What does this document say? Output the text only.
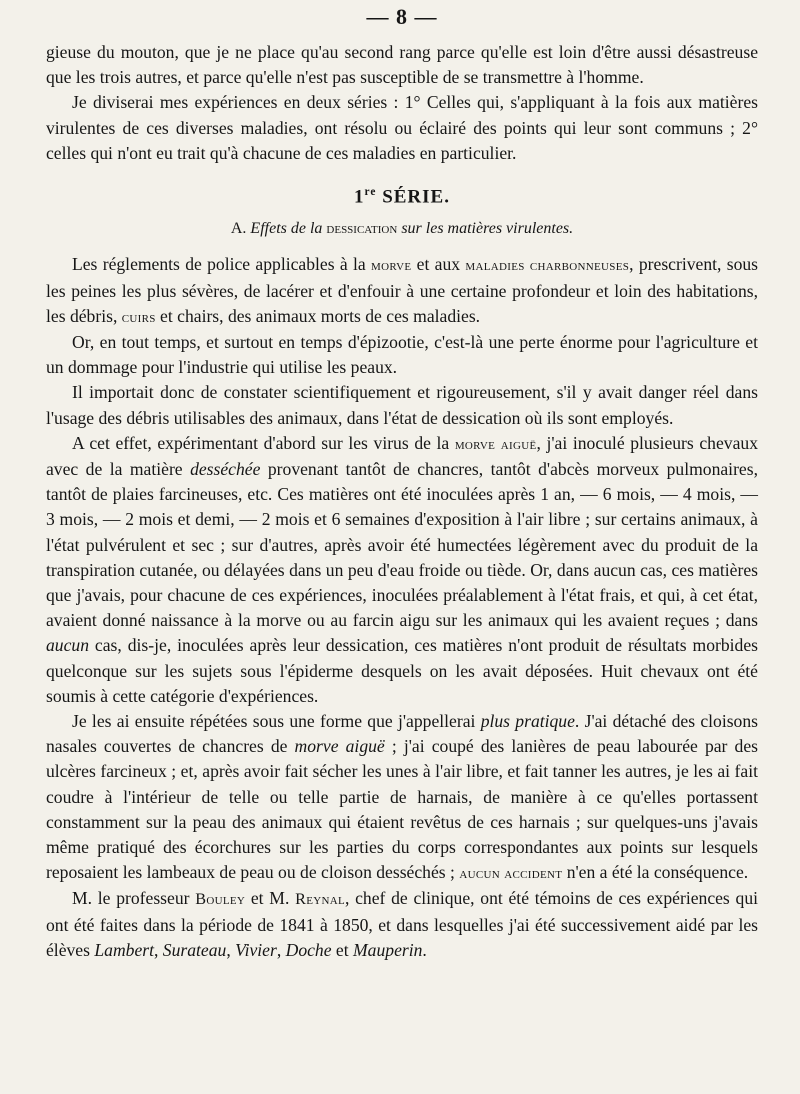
— 8 —

gieuse du mouton, que je ne place qu'au second rang parce qu'elle est loin d'être aussi désastreuse que les trois autres, et parce qu'elle n'est pas susceptible de se transmettre à l'homme.

Je diviserai mes expériences en deux séries : 1° Celles qui, s'appliquant à la fois aux matières virulentes de ces diverses maladies, ont résolu ou éclairé des points qui leur sont communs ; 2° celles qui n'ont eu trait qu'à chacune de ces maladies en particulier.

1re SÉRIE.
A. Effets de la dessication sur les matières virulentes.

Les réglements de police applicables à la morve et aux maladies charbonneuses, prescrivent, sous les peines les plus sévères, de lacérer et d'enfouir à une certaine profondeur et loin des habitations, les débris, cuirs et chairs, des animaux morts de ces maladies.

Or, en tout temps, et surtout en temps d'épizootie, c'est-là une perte énorme pour l'agriculture et un dommage pour l'industrie qui utilise les peaux.

Il importait donc de constater scientifiquement et rigoureusement, s'il y avait danger réel dans l'usage des débris utilisables des animaux, dans l'état de dessication où ils sont employés.

A cet effet, expérimentant d'abord sur les virus de la morve aiguë, j'ai inoculé plusieurs chevaux avec de la matière desséchée provenant tantôt de chancres, tantôt d'abcès morveux pulmonaires, tantôt de plaies farcineuses, etc. Ces matières ont été inoculées après 1 an, — 6 mois, — 4 mois, — 3 mois, — 2 mois et demi, — 2 mois et 6 semaines d'exposition à l'air libre ; sur certains animaux, à l'état pulvérulent et sec ; sur d'autres, après avoir été humectées légèrement avec du produit de la transpiration cutanée, ou délayées dans un peu d'eau froide ou tiède. Or, dans aucun cas, ces matières que j'avais, pour chacune de ces expériences, inoculées préalablement à l'état frais, et qui, à cet état, avaient donné naissance à la morve ou au farcin aigu sur les animaux qui les avaient reçues ; dans aucun cas, dis-je, inoculées après leur dessication, ces matières n'ont produit de résultats morbides quelconque sur les sujets sous l'épiderme desquels on les avait déposées. Huit chevaux ont été soumis à cette catégorie d'expériences.

Je les ai ensuite répétées sous une forme que j'appellerai plus pratique. J'ai détaché des cloisons nasales couvertes de chancres de morve aiguë ; j'ai coupé des lanières de peau labourée par des ulcères farcineux ; et, après avoir fait sécher les unes à l'air libre, et fait tanner les autres, je les ai fait coudre à l'intérieur de telle ou telle partie de harnais, de manière à ce qu'elles portassent constamment sur la peau des animaux qui étaient revêtus de ces harnais ; sur quelques-uns j'avais même pratiqué des écorchures sur les parties du corps correspondantes aux points sur lesquels reposaient les lambeaux de peau ou de cloison desséchés ; aucun accident n'en a été la conséquence.

M. le professeur Bouley et M. Reynal, chef de clinique, ont été témoins de ces expériences qui ont été faites dans la période de 1841 à 1850, et dans lesquelles j'ai été successivement aidé par les élèves Lambert, Surateau, Vivier, Doche et Mauperin.
